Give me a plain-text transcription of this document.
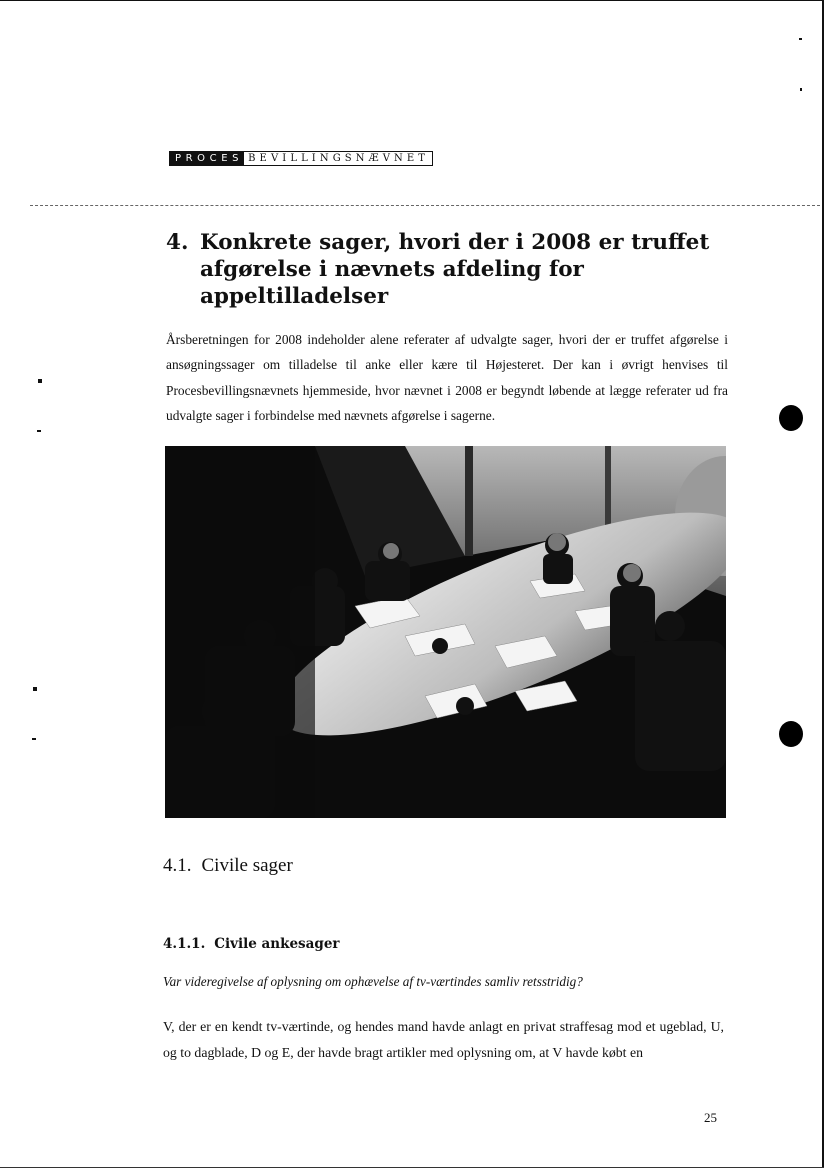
PROCES BEVILLINGSNÆVNET
4. Konkrete sager, hvori der i 2008 er truffet afgørelse i nævnets afdeling for appeltilladelser

Årsberetningen for 2008 indeholder alene referater af udvalgte sager, hvori der er truffet afgørelse i ansøgningssager om tilladelse til anke eller kære til Højesteret. Der kan i øvrigt henvises til Procesbevillingsnævnets hjemmeside, hvor nævnet i 2008 er begyndt løbende at lægge referater ud fra udvalgte sager i forbindelse med nævnets afgørelse i sagerne.

4.1. Civile sager
4.1.1. Civile ankesager

Var videregivelse af oplysning om ophævelse af tv-værtindes samliv retsstridig?

V, der er en kendt tv-værtinde, og hendes mand havde anlagt en privat straffesag mod et ugeblad, U, og to dagblade, D og E, der havde bragt artikler med oplysning om, at V havde købt en

25
